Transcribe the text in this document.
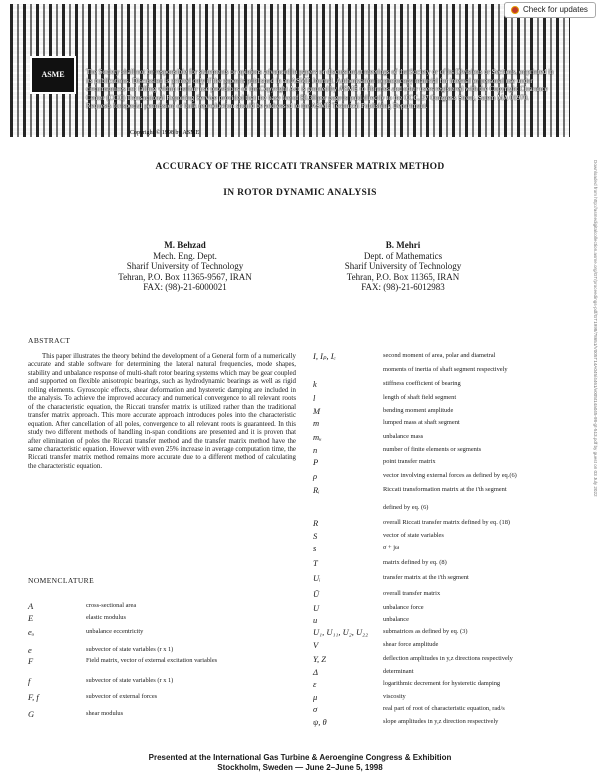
ASME	The Society shall not be responsible for statements or opinions advanced in papers or discussion at meetings of the Society or of its Divisions or Sections, or printed in its publications. Discussion is printed only if the paper is published in an ASME Journal. Authorization to photocopy material for internal or personal use under circumstances not falling within the fair use provisions of the Copyright Act is granted by ASME to libraries and other users registered with the Copyright Clearance Center (CCC) Transactional Reporting Service provided that the base fee of $0.30 per page is paid directly to the CCC, 27 Congress Street, Salem MA 01970. Requests for special permission or bulk reproduction should be addressed to the ASME Technical Publishing Department.
Copyright © 1998 by ASME
Check for updates
Downloaded from http://asmedigitalcollection.asme.org/GT/proceedings-pdf/GT1998/78651/V005T14A045/4461/v005t14a045-98-gt-513.pdf by guest on 03 July 2022
ACCURACY OF THE RICCATI TRANSFER MATRIX METHOD
IN ROTOR DYNAMIC ANALYSIS
M. Behzad
Mech. Eng. Dept.
Sharif University of Technology
Tehran, P.O. Box 11365-9567, IRAN
FAX: (98)-21-6000021
B. Mehri
Dept. of Mathematics
Sharif University of Technology
Tehran, P.O. Box 11365, IRAN
FAX: (98)-21-6012983
ABSTRACT
This paper illustrates the theory behind the development of a General form of a numerically accurate and stable software for determining the lateral natural frequencies, mode shapes, stability and unbalance response of multi-shaft rotor bearing systems which may be gear coupled and supported on flexible anisotropic bearings, such as hydrodynamic bearings as well as rigid rolling elements. Gyroscopic effects, shear deformation and hysteretic damping are included in the analysis. To achieve the improved accuracy and numerical convergence to all relevant roots of the characteristic equation, the Riccati transfer matrix is utilized rather than the traditional transfer matrix approach. This more accurate approach introduces poles into the characteristic equation. After cancellation of all poles, convergence to all relevant roots is guaranteed. In this study two different methods of handling in-span conditions are presented and it is proven that after elimination of poles the Riccati transfer method and the transfer matrix method have the same characteristic equation. However with even 25% increase in average computation time, the Riccati transfer matrix method remains more accurate due to a different method of calculating the characteristic equation.
NOMENCLATURE
A	cross-sectional area
E	elastic modulus
eᵤ	unbalance eccentricity
e	subvector of state variables (r x 1)
F	Field matrix, vector of external excitation variables
f	subvector of state variables (r x 1)
F, f	subvector of external forces
G	shear modulus
I, Iₚ, Iₑ	second moment of area, polar and diametral
moments of inertia of shaft segment respectively
k	stiffness coefficient of bearing
l	length of shaft field segment
M	bending moment amplitude
m	lumped mass at shaft segment
mᵤ	unbalance mass
n	number of finite elements or segments
P	point transfer matrix
ρ	vector involving external forces as defined by eq.(6)
Rᵢ	Riccati transformation matrix at the i'th segment
defined by eq. (6)
R	overall Riccati transfer matrix defined by eq. (18)
S	vector of state variables
s	σ + jω
T	matrix defined by eq. (8)
Uᵢ	transfer matrix at the i'th segment
Ū	overall transfer matrix
U	unbalance force
u	unbalance
U₁, U₁₁, U₂, U₂₂ submatrices as defined by eq. (3)
V	shear force amplitude
Y, Z	deflection amplitudes in y,z directions respectively
Δ	determinant
ε	logarithmic decrement for hysteretic damping
μ	viscosity
σ	real part of root of characteristic equation, rad/s
ψ, θ	slope amplitudes in y,z direction respectively
Presented at the International Gas Turbine & Aeroengine Congress & Exhibition
Stockholm, Sweden — June 2–June 5, 1998
